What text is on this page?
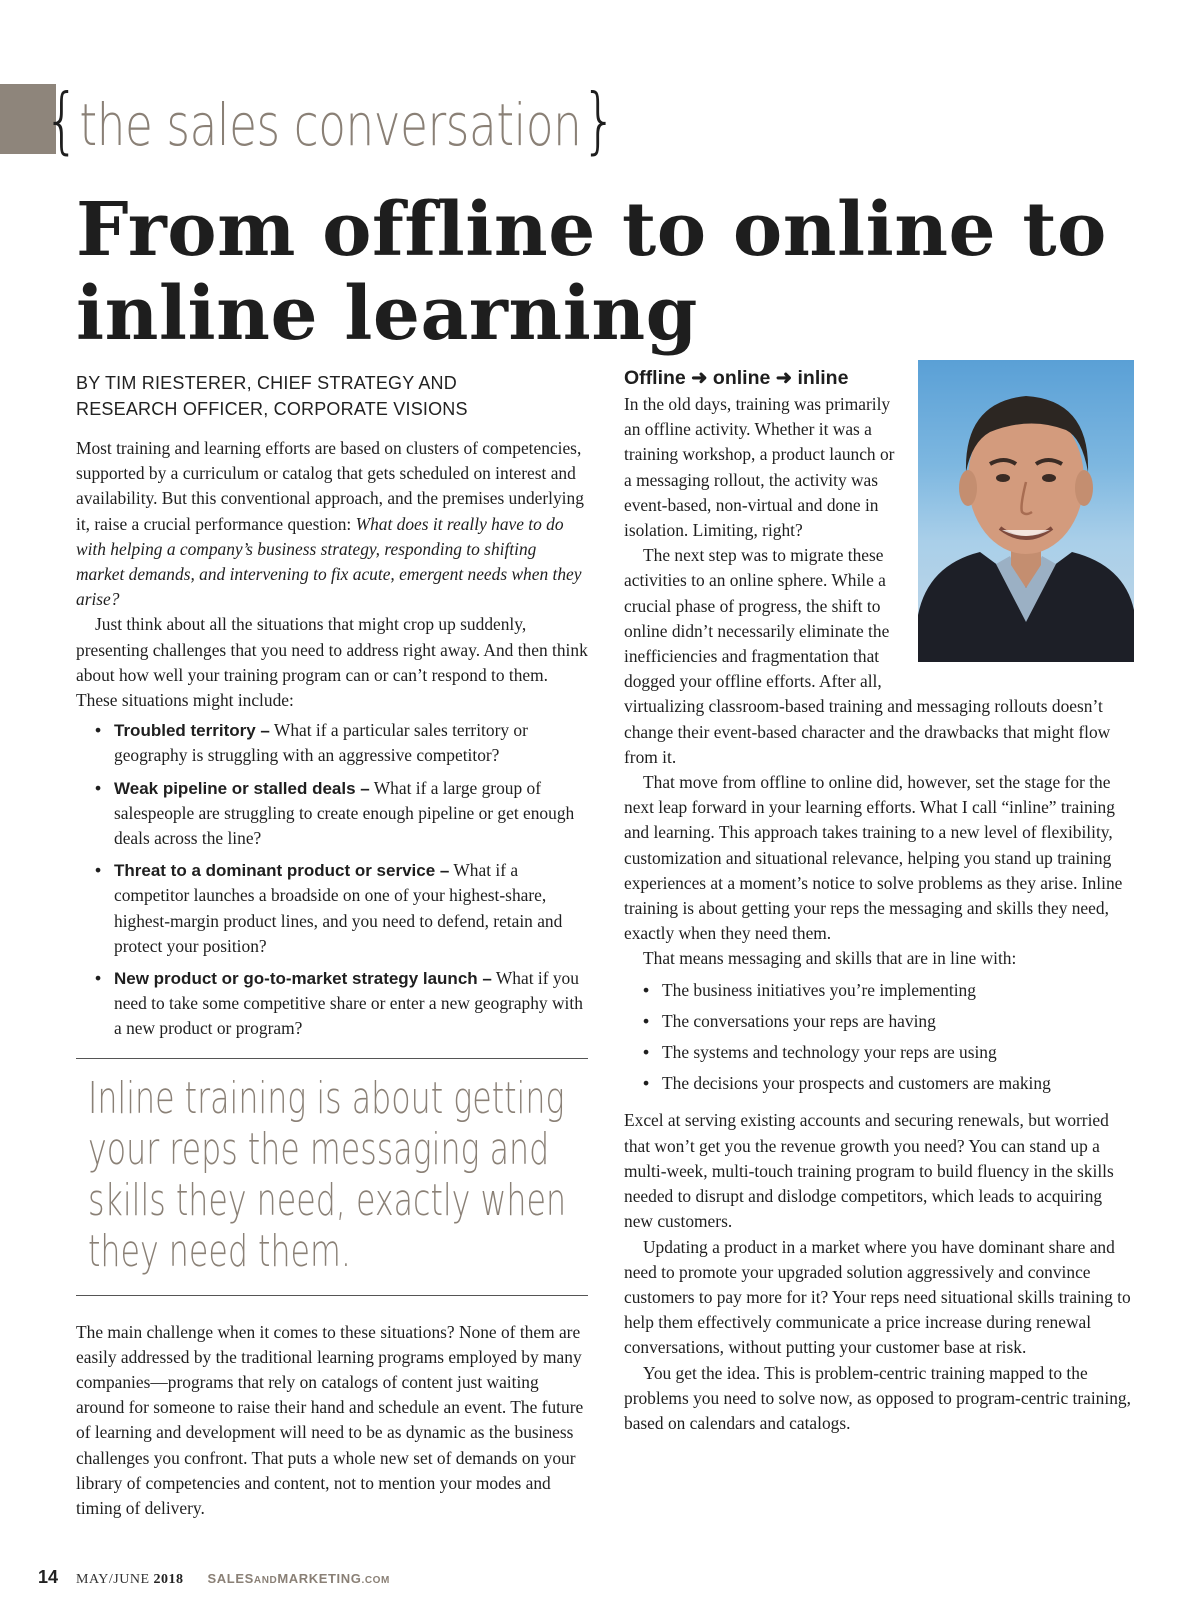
{the sales conversation}
From offline to online to inline learning
BY TIM RIESTERER, CHIEF STRATEGY AND
RESEARCH OFFICER, CORPORATE VISIONS

Most training and learning efforts are based on clusters of competencies, supported by a curriculum or catalog that gets scheduled on interest and availability. But this conventional approach, and the premises underlying it, raise a crucial performance question: What does it really have to do with helping a company’s business strategy, responding to shifting market demands, and intervening to fix acute, emergent needs when they arise?

Just think about all the situations that might crop up suddenly, presenting challenges that you need to address right away. And then think about how well your training program can or can’t respond to them. These situations might include:

• Troubled territory – What if a particular sales territory or geography is struggling with an aggressive competitor?
• Weak pipeline or stalled deals – What if a large group of salespeople are struggling to create enough pipeline or get enough deals across the line?
• Threat to a dominant product or service – What if a competitor launches a broadside on one of your highest-share, highest-margin product lines, and you need to defend, retain and protect your position?
• New product or go-to-market strategy launch – What if you need to take some competitive share or enter a new geography with a new product or program?
Inline training is about getting your reps the messaging and skills they need, exactly when they need them.

The main challenge when it comes to these situations? None of them are easily addressed by the traditional learning programs employed by many companies—programs that rely on catalogs of content just waiting around for someone to raise their hand and schedule an event. The future of learning and development will need to be as dynamic as the business challenges you confront. That puts a whole new set of demands on your library of competencies and content, not to mention your modes and timing of delivery.

Offline ➜ online ➜ inline

In the old days, training was primarily an offline activity. Whether it was a training workshop, a product launch or a messaging rollout, the activity was event-based, non-virtual and done in isolation. Limiting, right?

The next step was to migrate these activities to an online sphere. While a crucial phase of progress, the shift to online didn’t necessarily eliminate the inefficiencies and fragmentation that dogged your offline efforts. After all, virtualizing classroom-based training and messaging rollouts doesn’t change their event-based character and the drawbacks that might flow from it.

That move from offline to online did, however, set the stage for the next leap forward in your learning efforts. What I call “inline” training and learning. This approach takes training to a new level of flexibility, customization and situational relevance, helping you stand up training experiences at a moment’s notice to solve problems as they arise. Inline training is about getting your reps the messaging and skills they need, exactly when they need them.

That means messaging and skills that are in line with:

• The business initiatives you’re implementing
• The conversations your reps are having
• The systems and technology your reps are using
• The decisions your prospects and customers are making

Excel at serving existing accounts and securing renewals, but worried that won’t get you the revenue growth you need? You can stand up a multi-week, multi-touch training program to build fluency in the skills needed to disrupt and dislodge competitors, which leads to acquiring new customers.

Updating a product in a market where you have dominant share and need to promote your upgraded solution aggressively and convince customers to pay more for it? Your reps need situational skills training to help them effectively communicate a price increase during renewal conversations, without putting your customer base at risk.

You get the idea. This is problem-centric training mapped to the problems you need to solve now, as opposed to program-centric training, based on calendars and catalogs.

14 MAY/JUNE 2018 SALESANDMARKETING.COM
